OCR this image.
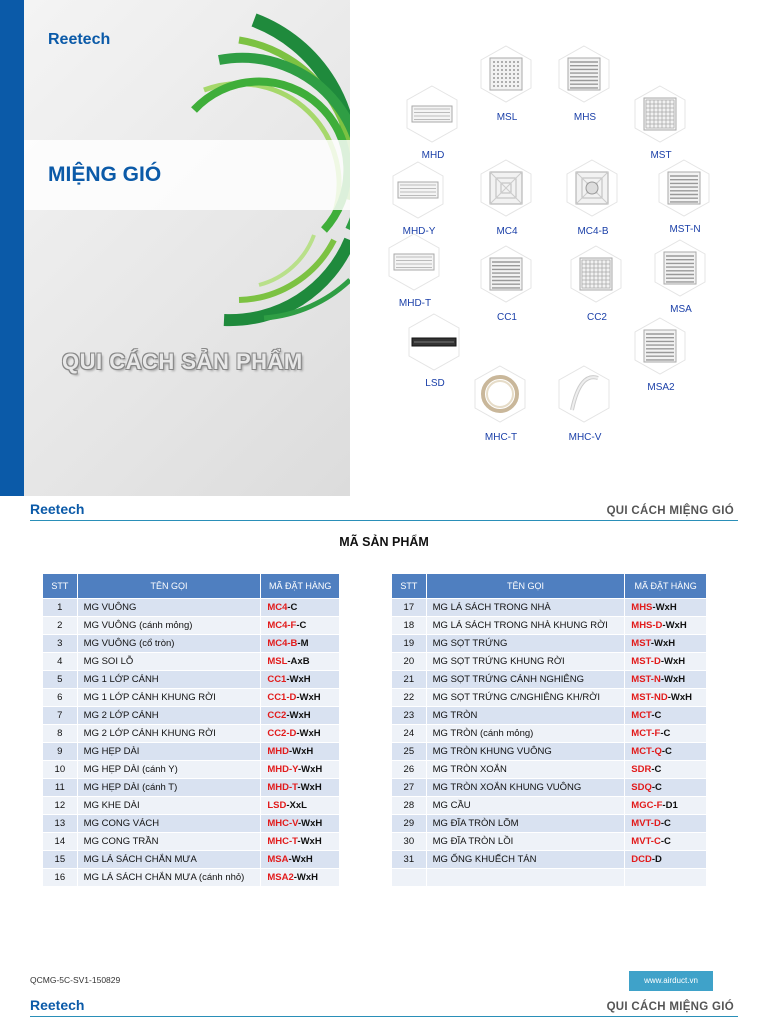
Reetech
MIỆNG GIÓ
QUI CÁCH SẢN PHẨM
MSL	MHS
MHD	MST
MHD-Y	MC4	MC4-B	MST-N
MHD-T
CC1	CC2
MSA
LSD	MSA2
MHC-T	MHC-V
Reetech	QUI CÁCH MIỆNG GIÓ
MÃ SẢN PHẨM
STT	TÊN GỌI	MÃ ĐẶT HÀNG
1	MG VUÔNG	MC4-C
2	MG VUÔNG (cánh mỏng)	MC4-F-C
3	MG VUÔNG (cổ tròn)	MC4-B-M
4	MG SOI LỖ	MSL-AxB
5	MG 1 LỚP CÁNH	CC1-WxH
6	MG 1 LỚP CÁNH KHUNG RỜI	CC1-D-WxH
7	MG 2 LỚP CÁNH	CC2-WxH
8	MG 2 LỚP CÁNH KHUNG RỜI	CC2-D-WxH
9	MG HẸP DÀI	MHD-WxH
10	MG HẸP DÀI (cánh Y)	MHD-Y-WxH
11	MG HẸP DÀI (cánh T)	MHD-T-WxH
12	MG KHE DÀI	LSD-XxL
13	MG CONG VÁCH	MHC-V-WxH
14	MG CONG TRẦN	MHC-T-WxH
15	MG LÁ SÁCH CHẮN MƯA	MSA-WxH
16	MG LÁ SÁCH CHẮN MƯA (cánh nhỏ)	MSA2-WxH
STT	TÊN GỌI	MÃ ĐẶT HÀNG
17	MG LÁ SÁCH TRONG NHÀ	MHS-WxH
18	MG LÁ SÁCH TRONG NHÀ KHUNG RỜI	MHS-D-WxH
19	MG SỌT TRỨNG	MST-WxH
20	MG SỌT TRỨNG KHUNG RỜI	MST-D-WxH
21	MG SỌT TRỨNG CÁNH NGHIÊNG	MST-N-WxH
22	MG SỌT TRỨNG C/NGHIÊNG KH/RỜI	MST-ND-WxH
23	MG TRÒN	MCT-C
24	MG TRÒN (cánh mỏng)	MCT-F-C
25	MG TRÒN KHUNG VUÔNG	MCT-Q-C
26	MG TRÒN XOẮN	SDR-C
27	MG TRÒN XOẮN KHUNG VUÔNG	SDQ-C
28	MG CẦU	MGC-F-D1
29	MG ĐĨA TRÒN LÕM	MVT-D-C
30	MG ĐĨA TRÒN LỒI	MVT-C-C
31	MG ỐNG KHUẾCH TÁN	DCD-D

QCMG-5C-SV1-150829	www.airduct.vn
Reetech	QUI CÁCH MIỆNG GIÓ
